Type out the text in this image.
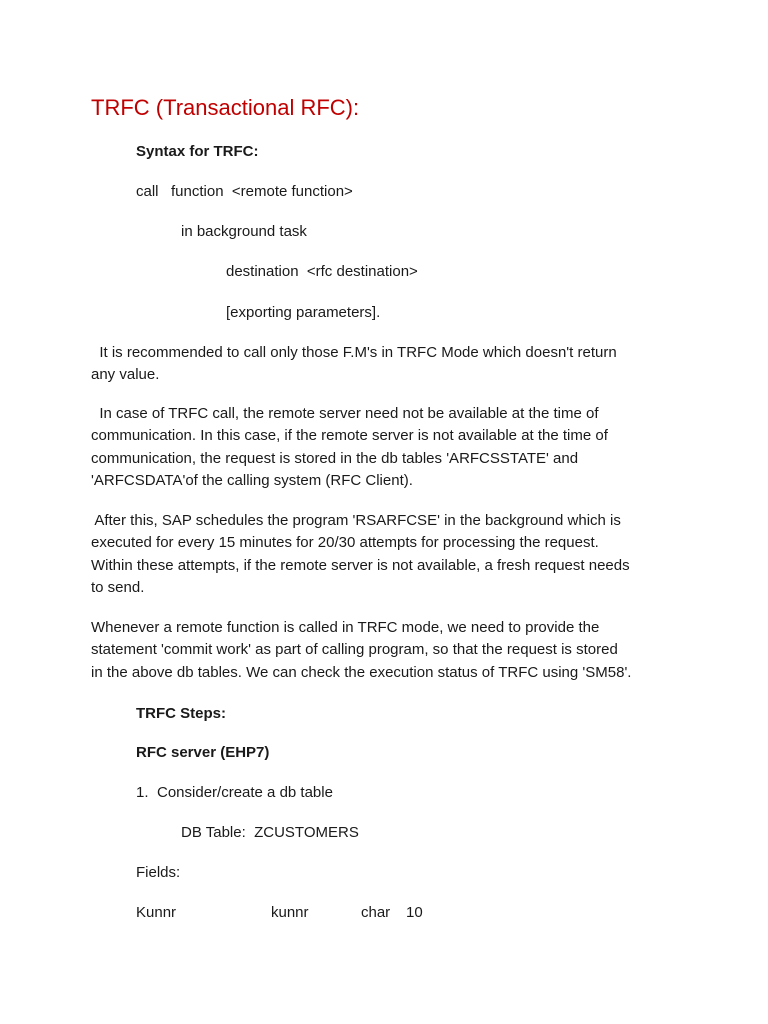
TRFC (Transactional RFC):
Syntax for TRFC:
call   function  <remote function>
in background task
destination  <rfc destination>
[exporting parameters].
It is recommended to call only those F.M's in TRFC Mode which doesn't return
any value.
In case of TRFC call, the remote server need not be available at the time of
communication. In this case, if the remote server is not available at the time of
communication, the request is stored in the db tables 'ARFCSSTATE' and
'ARFCSDATA'of the calling system (RFC Client).
After this, SAP schedules the program 'RSARFCSE' in the background which is
executed for every 15 minutes for 20/30 attempts for processing the request.
Within these attempts, if the remote server is not available, a fresh request needs
to send.
Whenever a remote function is called in TRFC mode, we need to provide the
statement 'commit work' as part of calling program, so that the request is stored
in the above db tables. We can check the execution status of TRFC using 'SM58'.
TRFC Steps:
RFC server (EHP7)
1. Consider/create a db table
DB Table:  ZCUSTOMERS
Fields:
Kunnr	kunnr	char 10
